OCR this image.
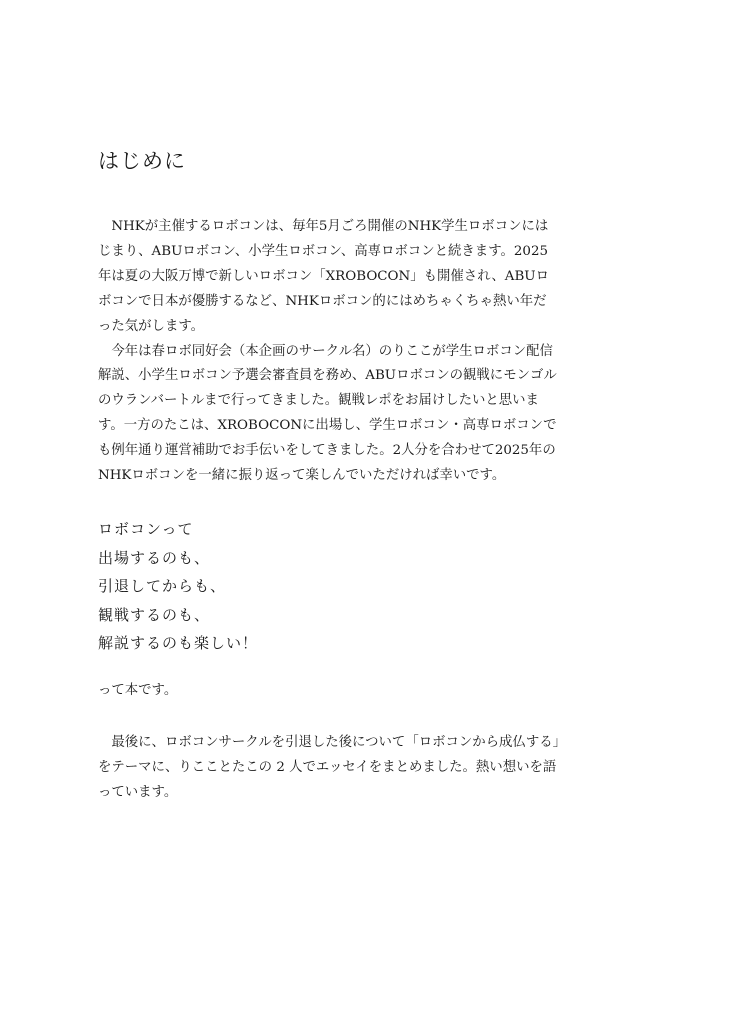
はじめに
　NHKが主催するロボコンは、毎年5月ごろ開催のNHK学生ロボコンには
じまり、ABUロボコン、小学生ロボコン、高専ロボコンと続きます。2025
年は夏の大阪万博で新しいロボコン「XROBOCON」も開催され、ABUロ
ボコンで日本が優勝するなど、NHKロボコン的にはめちゃくちゃ熱い年だ
った気がします。
　今年は春ロボ同好会（本企画のサークル名）のりここが学生ロボコン配信
解説、小学生ロボコン予選会審査員を務め、ABUロボコンの観戦にモンゴル
のウランバートルまで行ってきました。観戦レポをお届けしたいと思いま
す。一方のたこは、XROBOCONに出場し、学生ロボコン・高専ロボコンで
も例年通り運営補助でお手伝いをしてきました。2人分を合わせて2025年の
NHKロボコンを一緒に振り返って楽しんでいただければ幸いです。
ロボコンって
出場するのも、
引退してからも、
観戦するのも、
解説するのも楽しい！

って本です。

　最後に、ロボコンサークルを引退した後について「ロボコンから成仏する」
をテーマに、りこことたこの 2 人でエッセイをまとめました。熱い想いを語
っています。
